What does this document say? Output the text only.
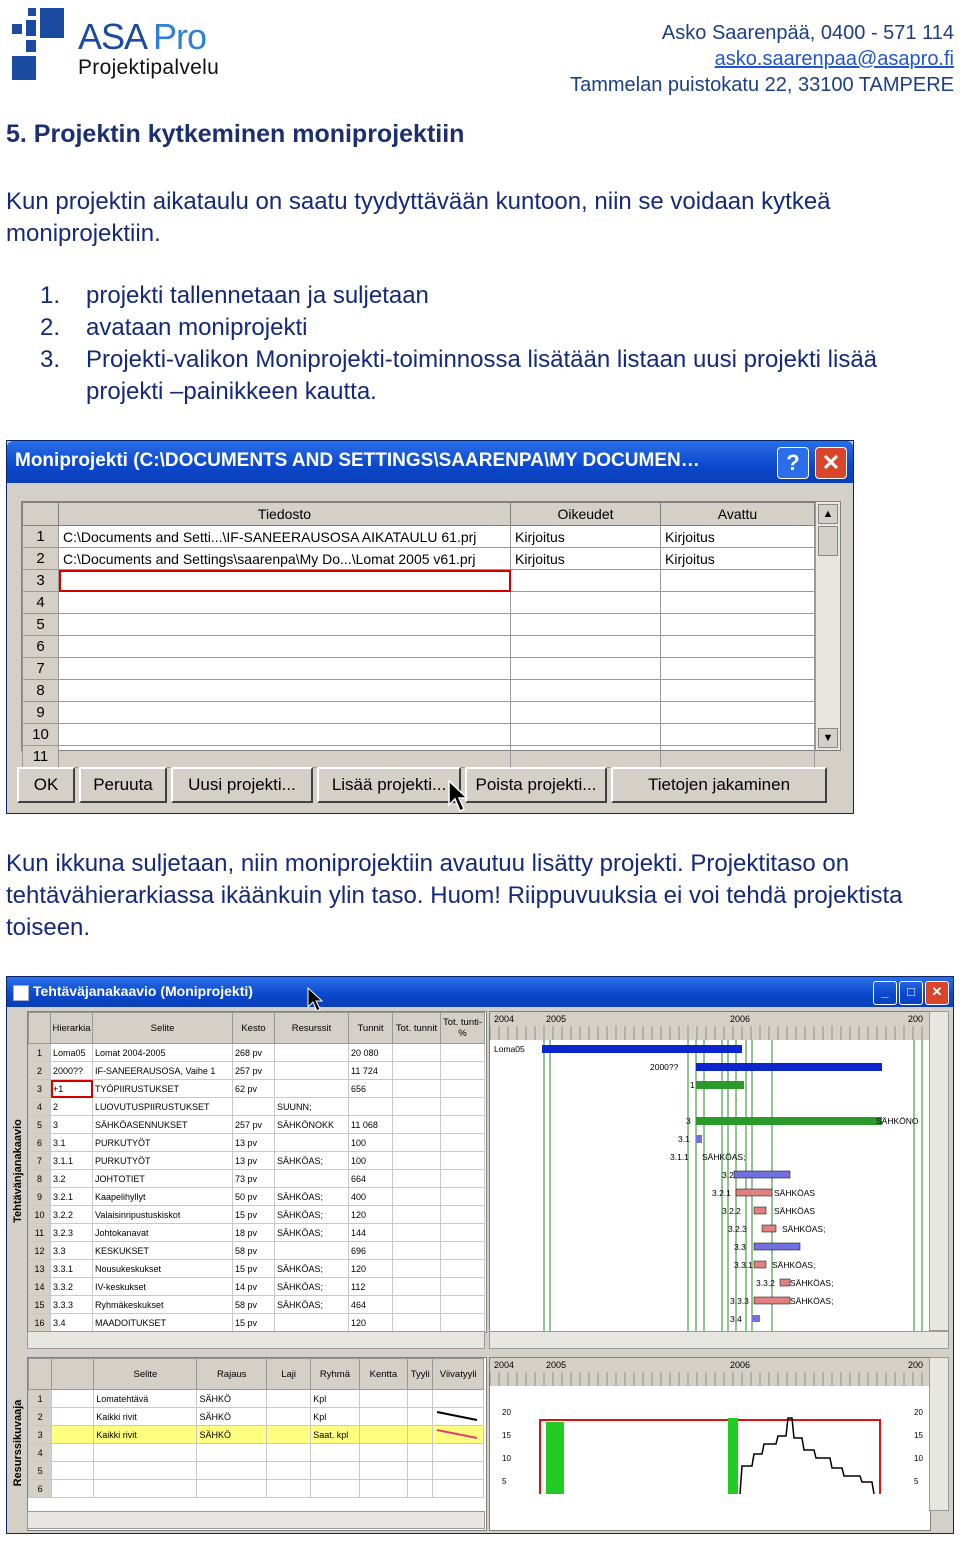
ASA Pro
Projektipalvelu
Asko Saarenpää, 0400 - 571 114
asko.saarenpaa@asapro.fi
Tammelan puistokatu 22, 33100 TAMPERE
5. Projektin kytkeminen moniprojektiin
Kun projektin aikataulu on saatu tyydyttävään kuntoon, niin se voidaan kytkeä moniprojektiin.
1.	projekti tallennetaan ja suljetaan
2.	avataan moniprojekti
3.	Projekti-valikon Moniprojekti-toiminnossa lisätään listaan uusi projekti lisää projekti –painikkeen kautta.
Moniprojekti (C:\DOCUMENTS AND SETTINGS\SAARENPA\MY DOCUMEN…	?	✕
	Tiedosto	Oikeudet	Avattu
1	C:\Documents and Setti...\IF-SANEERAUSOSA AIKATAULU 61.prj	Kirjoitus	Kirjoitus
2	C:\Documents and Settings\saarenpa\My Do...\Lomat 2005 v61.prj	Kirjoitus	Kirjoitus
3			
4			
5			
6			
7			
8			
9			
10			
11			
▲
▼
OK	Peruuta	Uusi projekti...	Lisää projekti...	Poista projekti...	Tietojen jakaminen
Kun ikkuna suljetaan, niin moniprojektiin avautuu lisätty projekti. Projektitaso on tehtävähierarkiassa ikäänkuin ylin taso. Huom! Riippuvuuksia ei voi tehdä projektista toiseen.
Tehtäväjanakaavio (Moniprojekti)	_	□	✕
Tehtävänjanakaavio
Resurssikuvaaja
	Hierarkia	Selite	Kesto	Resurssit	Tunnit	Tot. tunnit	Tot. tunti-%
1	Loma05	Lomat 2004-2005	268 pv		20 080		
2	2000??	IF-SANEERAUSOSA, Vaihe 1	257 pv		11 724		
3	+1	TYÖPIIRUSTUKSET	62 pv		656		
4	2	LUOVUTUSPIIRUSTUKSET		SUUNN;			
5	3	SÄHKÖASENNUKSET	257 pv	SÄHKÖNOKK	11 068		
6	3.1	PURKUTYÖT	13 pv		100		
7	3.1.1	PURKUTYÖT	13 pv	SÄHKÖAS;	100		
8	3.2	JOHTOTIET	73 pv		664		
9	3.2.1	Kaapelihyllyt	50 pv	SÄHKÖAS;	400		
10	3.2.2	Valaisinripustuskiskot	15 pv	SÄHKÖAS;	120		
11	3.2.3	Johtokanavat	18 pv	SÄHKÖAS;	144		
12	3.3	KESKUKSET	58 pv		696		
13	3.3.1	Nousukeskukset	15 pv	SÄHKÖAS;	120		
14	3.3.2	IV-keskukset	14 pv	SÄHKÖAS;	112		
15	3.3.3	Ryhmäkeskukset	58 pv	SÄHKÖAS;	464		
16	3.4	MAADOITUKSET	15 pv		120		
2004	2005	2006	200
Loma05
2000??
1
3	SÄHKÖNO
3.1
3.1.1 SÄHKÖAS;
3.2
3.2.1	SÄHKÖAS
3.2.2	SÄHKÖAS
3.2.3	SÄHKÖAS;
3.3
3.3.1 SÄHKÖAS;
3.3.2 SÄHKÖAS;
3.3.3	SÄHKÖAS;
3.4
		Selite	Rajaus	Laji	Ryhmä	Kentta	Tyyli	Viivatyyli
1		Lomatehtävä	SÄHKÖ		Kpl			
2		Kaikki rivit	SÄHKÖ		Kpl			
3		Kaikki rivit	SÄHKÖ		Saat. kpl			
4								
5								
6								
2004	2005	2006	200
20
15
10
5
20
15
10
5
